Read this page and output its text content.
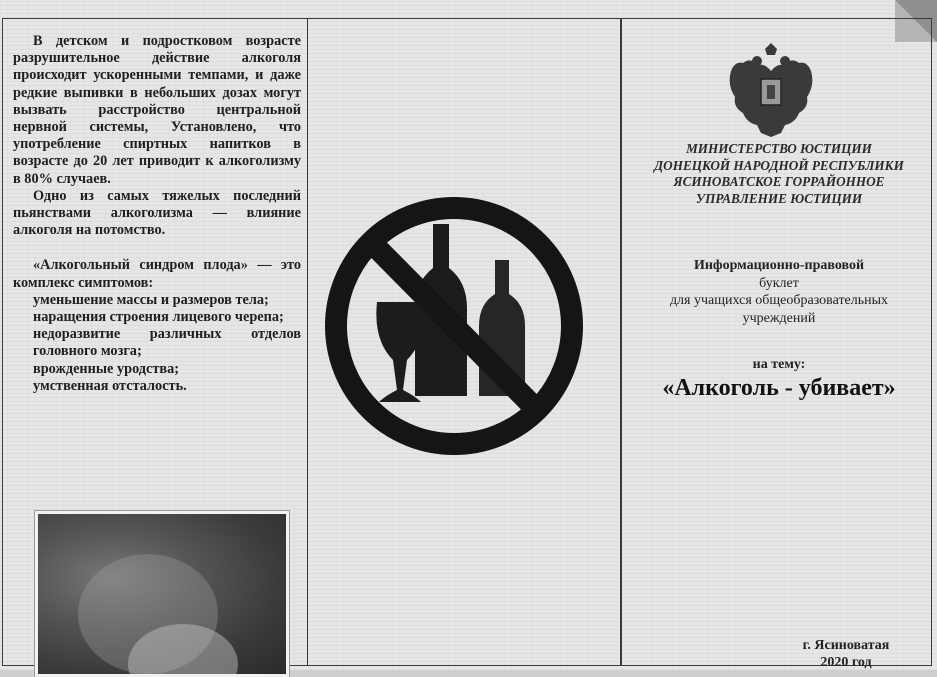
В детском и подростковом возрасте разрушительное действие алкоголя происходит ускоренными темпами, и даже редкие выпивки в небольших дозах могут вызвать расстройство центральной нервной системы, Установлено, что употребление спиртных напитков в возрасте до 20 лет приводит к алкоголизму в 80% случаев.

Одно из самых тяжелых последний пьянствами алкоголизма — влияние алкоголя на потомство.

«Алкогольный синдром плода» — это комплекс симптомов:

уменьшение массы и размеров тела;

наращения строения лицевого черепа;

недоразвитие различных отделов головного мозга;

врожденные уродства;

умственная отсталость.

МИНИСТЕРСТВО ЮСТИЦИИ
ДОНЕЦКОЙ НАРОДНОЙ РЕСПУБЛИКИ
ЯСИНОВАТСКОЕ ГОРРАЙОННОЕ
УПРАВЛЕНИЕ ЮСТИЦИИ
Информационно-правовой
буклет
для учащихся общеобразовательных
учреждений
на тему:
«Алкоголь - убивает»
г. Ясиноватая
2020 год
